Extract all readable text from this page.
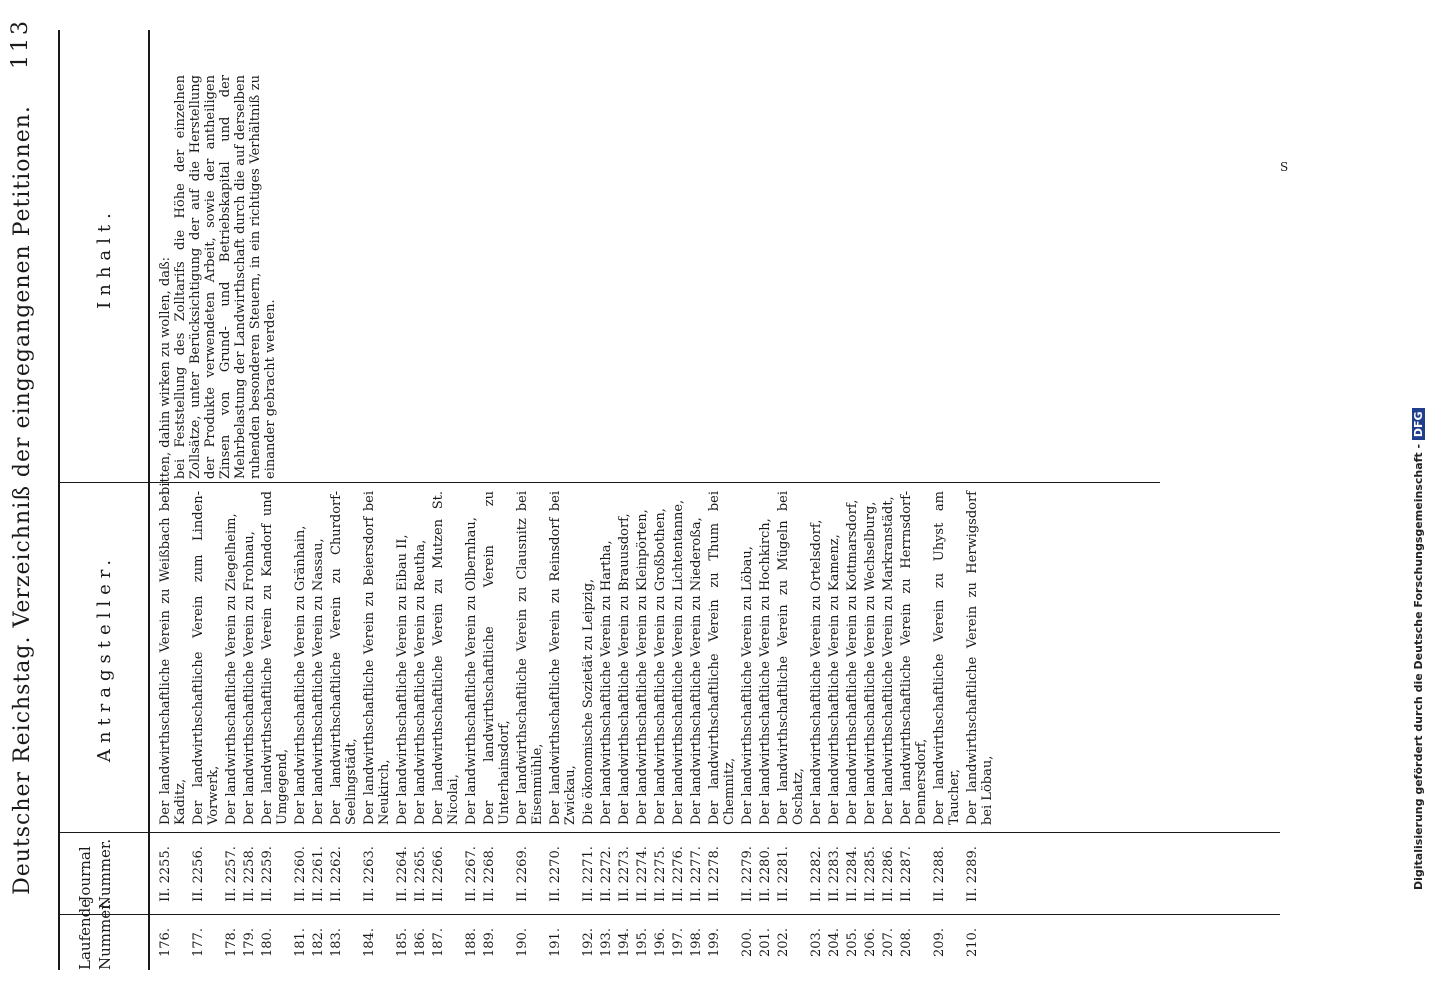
Deutscher Reichstag. Verzeichniß der eingegangenen Petitionen.
113
Laufende Nummer.
Journal Nummer.
Antragsteller.
Inhalt.
176.
II. 2255.
Der landwirthschaftliche Verein zu Weißbach bei Kaditz,
177.
II. 2256.
Der landwirthschaftliche Verein zum Linden-Vorwerk,
178.
II. 2257.
Der landwirthschaftliche Verein zu Ziegelheim,
179.
II. 2258.
Der landwirthschaftliche Verein zu Frohnau,
180.
II. 2259.
Der landwirthschaftliche Verein zu Kandorf und Umgegend,
181.
II. 2260.
Der landwirthschaftliche Verein zu Gränhain,
182.
II. 2261.
Der landwirthschaftliche Verein zu Nassau,
183.
II. 2262.
Der landwirthschaftliche Verein zu Churdorf-Seelingstädt,
184.
II. 2263.
Der landwirthschaftliche Verein zu Beiersdorf bei Neukirch,
185.
II. 2264.
Der landwirthschaftliche Verein zu Eibau II,
186.
II. 2265.
Der landwirthschaftliche Verein zu Reutha,
187.
II. 2266.
Der landwirthschaftliche Verein zu Mutzen St. Nicolai,
188.
II. 2267.
Der landwirthschaftliche Verein zu Olbernhau,
189.
II. 2268.
Der landwirthschaftliche Verein zu Unterhainsdorf,
190.
II. 2269.
Der landwirthschaftliche Verein zu Clausnitz bei Eisenmühle,
191.
II. 2270.
Der landwirthschaftliche Verein zu Reinsdorf bei Zwickau,
192.
II. 2271.
Die ökonomische Sozietät zu Leipzig,
193.
II. 2272.
Der landwirthschaftliche Verein zu Hartha,
194.
II. 2273.
Der landwirthschaftliche Verein zu Brauusdorf,
195.
II. 2274.
Der landwirthschaftliche Verein zu Kleinpörten,
196.
II. 2275.
Der landwirthschaftliche Verein zu Großbothen,
197.
II. 2276.
Der landwirthschaftliche Verein zu Lichtentanne,
198.
II. 2277.
Der landwirthschaftliche Verein zu Niederoßa,
199.
II. 2278.
Der landwirthschaftliche Verein zu Thum bei Chemnitz,
200.
II. 2279.
Der landwirthschaftliche Verein zu Löbau,
201.
II. 2280.
Der landwirthschaftliche Verein zu Hochkirch,
202.
II. 2281.
Der landwirthschaftliche Verein zu Mügeln bei Oschatz,
203.
II. 2282.
Der landwirthschaftliche Verein zu Ortelsdorf,
204.
II. 2283.
Der landwirthschaftliche Verein zu Kamenz,
205.
II. 2284.
Der landwirthschaftliche Verein zu Kottmarsdorf,
206.
II. 2285.
Der landwirthschaftliche Verein zu Wechselburg,
207.
II. 2286.
Der landwirthschaftliche Verein zu Markranstädt,
208.
II. 2287.
Der landwirthschaftliche Verein zu Herrnsdorf-Dennersdorf,
209.
II. 2288.
Der landwirthschaftliche Verein zu Uhyst am Taucher,
210.
II. 2289.
Der landwirthschaftliche Verein zu Herwigsdorf bei Löbau,

bitten, dahin wirken zu wollen, daß: bei Feststellung des Zolltarifs die Höhe der einzelnen Zollsätze, unter Berücksichtigung der auf die Herstellung der Produkte verwendeten Arbeit, sowie der antheiligen Zinsen von Grund- und Betriebskapital und der Mehrbelastung der Landwirthschaft durch die auf derselben ruhenden besonderen Steuern, in ein richtiges Verhältniß zu einander gebracht werden.

S
Digitalisierung gefördert durch die Deutsche Forschungsgemeinschaft - DFG
